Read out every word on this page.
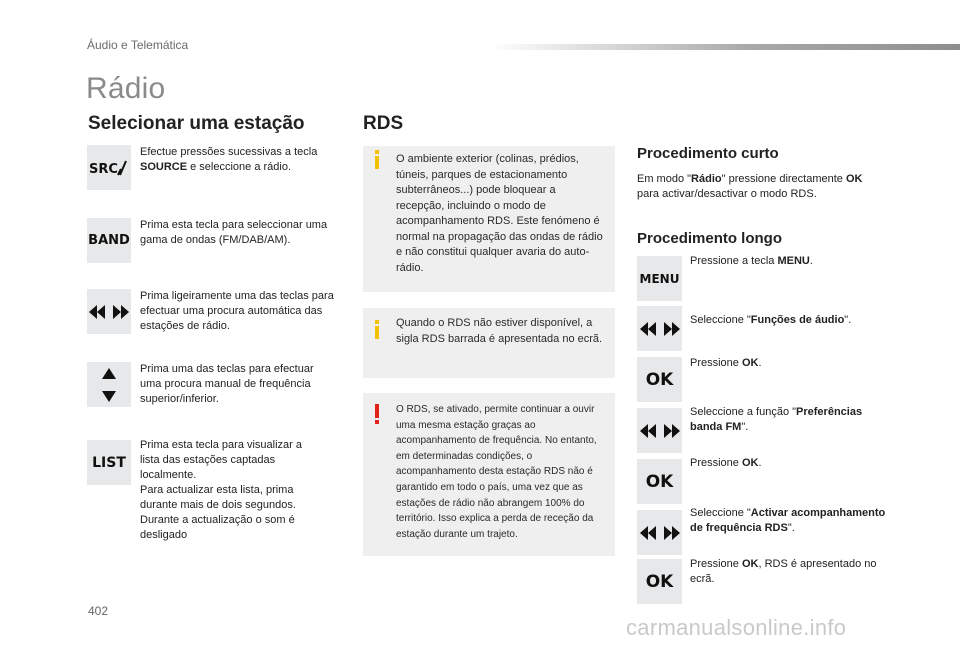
Áudio e Telemática
Rádio
Selecionar uma estação
SRC
Efectue pressões sucessivas a tecla SOURCE e seleccione a rádio.
BAND
Prima esta tecla para seleccionar uma gama de ondas (FM/DAB/AM).
Prima ligeiramente uma das teclas para efectuar uma procura automática das estações de rádio.
Prima uma das teclas para efectuar uma procura manual de frequência superior/inferior.
LIST
Prima esta tecla para visualizar a lista das estações captadas localmente.
Para actualizar esta lista, prima durante mais de dois segundos.
Durante a actualização o som é desligado
RDS
O ambiente exterior (colinas, prédios, túneis, parques de estacionamento subterrâneos...) pode bloquear a recepção, incluindo o modo de acompanhamento RDS. Este fenómeno é normal na propagação das ondas de rádio e não constitui qualquer avaria do auto-rádio.
Quando o RDS não estiver disponível, a sigla RDS barrada é apresentada no ecrã.
O RDS, se ativado, permite continuar a ouvir uma mesma estação graças ao acompanhamento de frequência. No entanto, em determinadas condições, o acompanhamento desta estação RDS não é garantido em todo o país, uma vez que as estações de rádio não abrangem 100% do território. Isso explica a perda de receção da estação durante um trajeto.
Procedimento curto
Em modo "Rádio" pressione directamente OK para activar/desactivar o modo RDS.
Procedimento longo
MENU
Pressione a tecla MENU.
Seleccione "Funções de áudio".
OK
Pressione OK.
Seleccione a função "Preferências banda FM".
OK
Pressione OK.
Seleccione "Activar acompanhamento de frequência RDS".
OK
Pressione OK, RDS é apresentado no ecrã.
402
carmanualsonline.info
